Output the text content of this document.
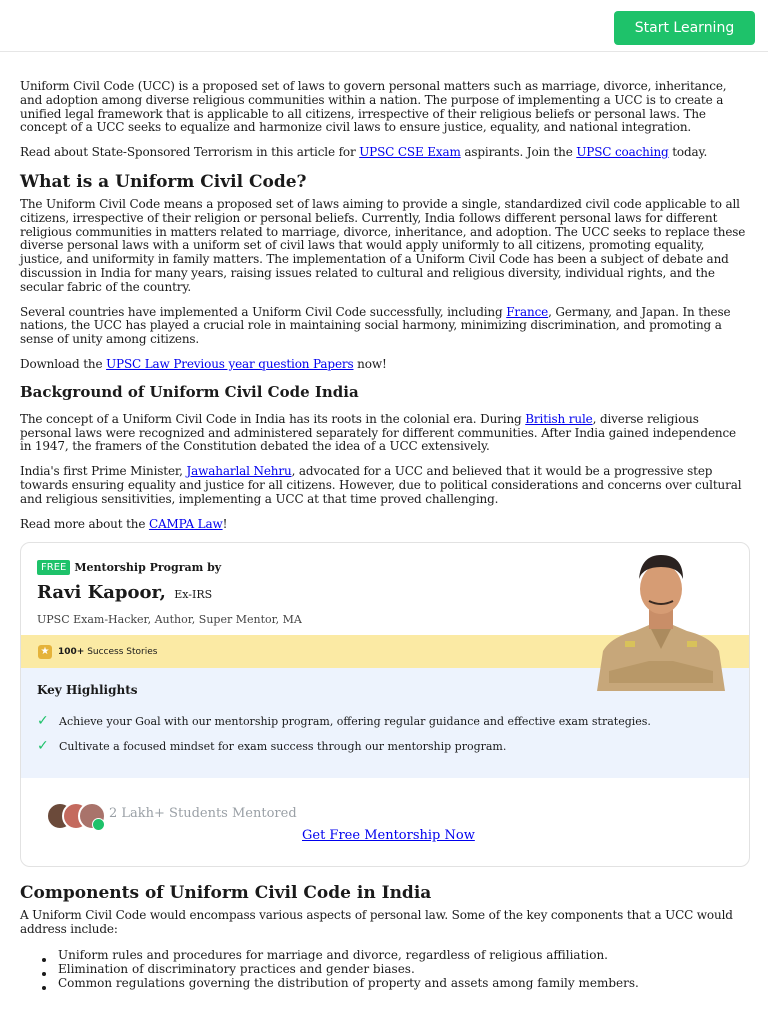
Start Learning

Uniform Civil Code (UCC) is a proposed set of laws to govern personal matters such as marriage, divorce, inheritance, and adoption among diverse religious communities within a nation. The purpose of implementing a UCC is to create a unified legal framework that is applicable to all citizens, irrespective of their religious beliefs or personal laws. The concept of a UCC seeks to equalize and harmonize civil laws to ensure justice, equality, and national integration.

Read about State-Sponsored Terrorism in this article for UPSC CSE Exam aspirants. Join the UPSC coaching today.

What is a Uniform Civil Code?

The Uniform Civil Code means a proposed set of laws aiming to provide a single, standardized civil code applicable to all citizens, irrespective of their religion or personal beliefs. Currently, India follows different personal laws for different religious communities in matters related to marriage, divorce, inheritance, and adoption. The UCC seeks to replace these diverse personal laws with a uniform set of civil laws that would apply uniformly to all citizens, promoting equality, justice, and uniformity in family matters. The implementation of a Uniform Civil Code has been a subject of debate and discussion in India for many years, raising issues related to cultural and religious diversity, individual rights, and the secular fabric of the country.

Several countries have implemented a Uniform Civil Code successfully, including France, Germany, and Japan. In these nations, the UCC has played a crucial role in maintaining social harmony, minimizing discrimination, and promoting a sense of unity among citizens.

Download the UPSC Law Previous year question Papers now!

Background of Uniform Civil Code India

The concept of a Uniform Civil Code in India has its roots in the colonial era. During British rule, diverse religious personal laws were recognized and administered separately for different communities. After India gained independence in 1947, the framers of the Constitution debated the idea of a UCC extensively.

India's first Prime Minister, Jawaharlal Nehru, advocated for a UCC and believed that it would be a progressive step towards ensuring equality and justice for all citizens. However, due to political considerations and concerns over cultural and religious sensitivities, implementing a UCC at that time proved challenging.

Read more about the CAMPA Law!

FREE Mentorship Program by
Ravi Kapoor, Ex-IRS
UPSC Exam-Hacker, Author, Super Mentor, MA
★ 100+ Success Stories
Key Highlights
✓ Achieve your Goal with our mentorship program, offering regular guidance and effective exam strategies.
✓ Cultivate a focused mindset for exam success through our mentorship program.
2 Lakh+ Students Mentored
Get Free Mentorship Now
Components of Uniform Civil Code in India

A Uniform Civil Code would encompass various aspects of personal law. Some of the key components that a UCC would address include:

Uniform rules and procedures for marriage and divorce, regardless of religious affiliation.
Elimination of discriminatory practices and gender biases.
Common regulations governing the distribution of property and assets among family members.
